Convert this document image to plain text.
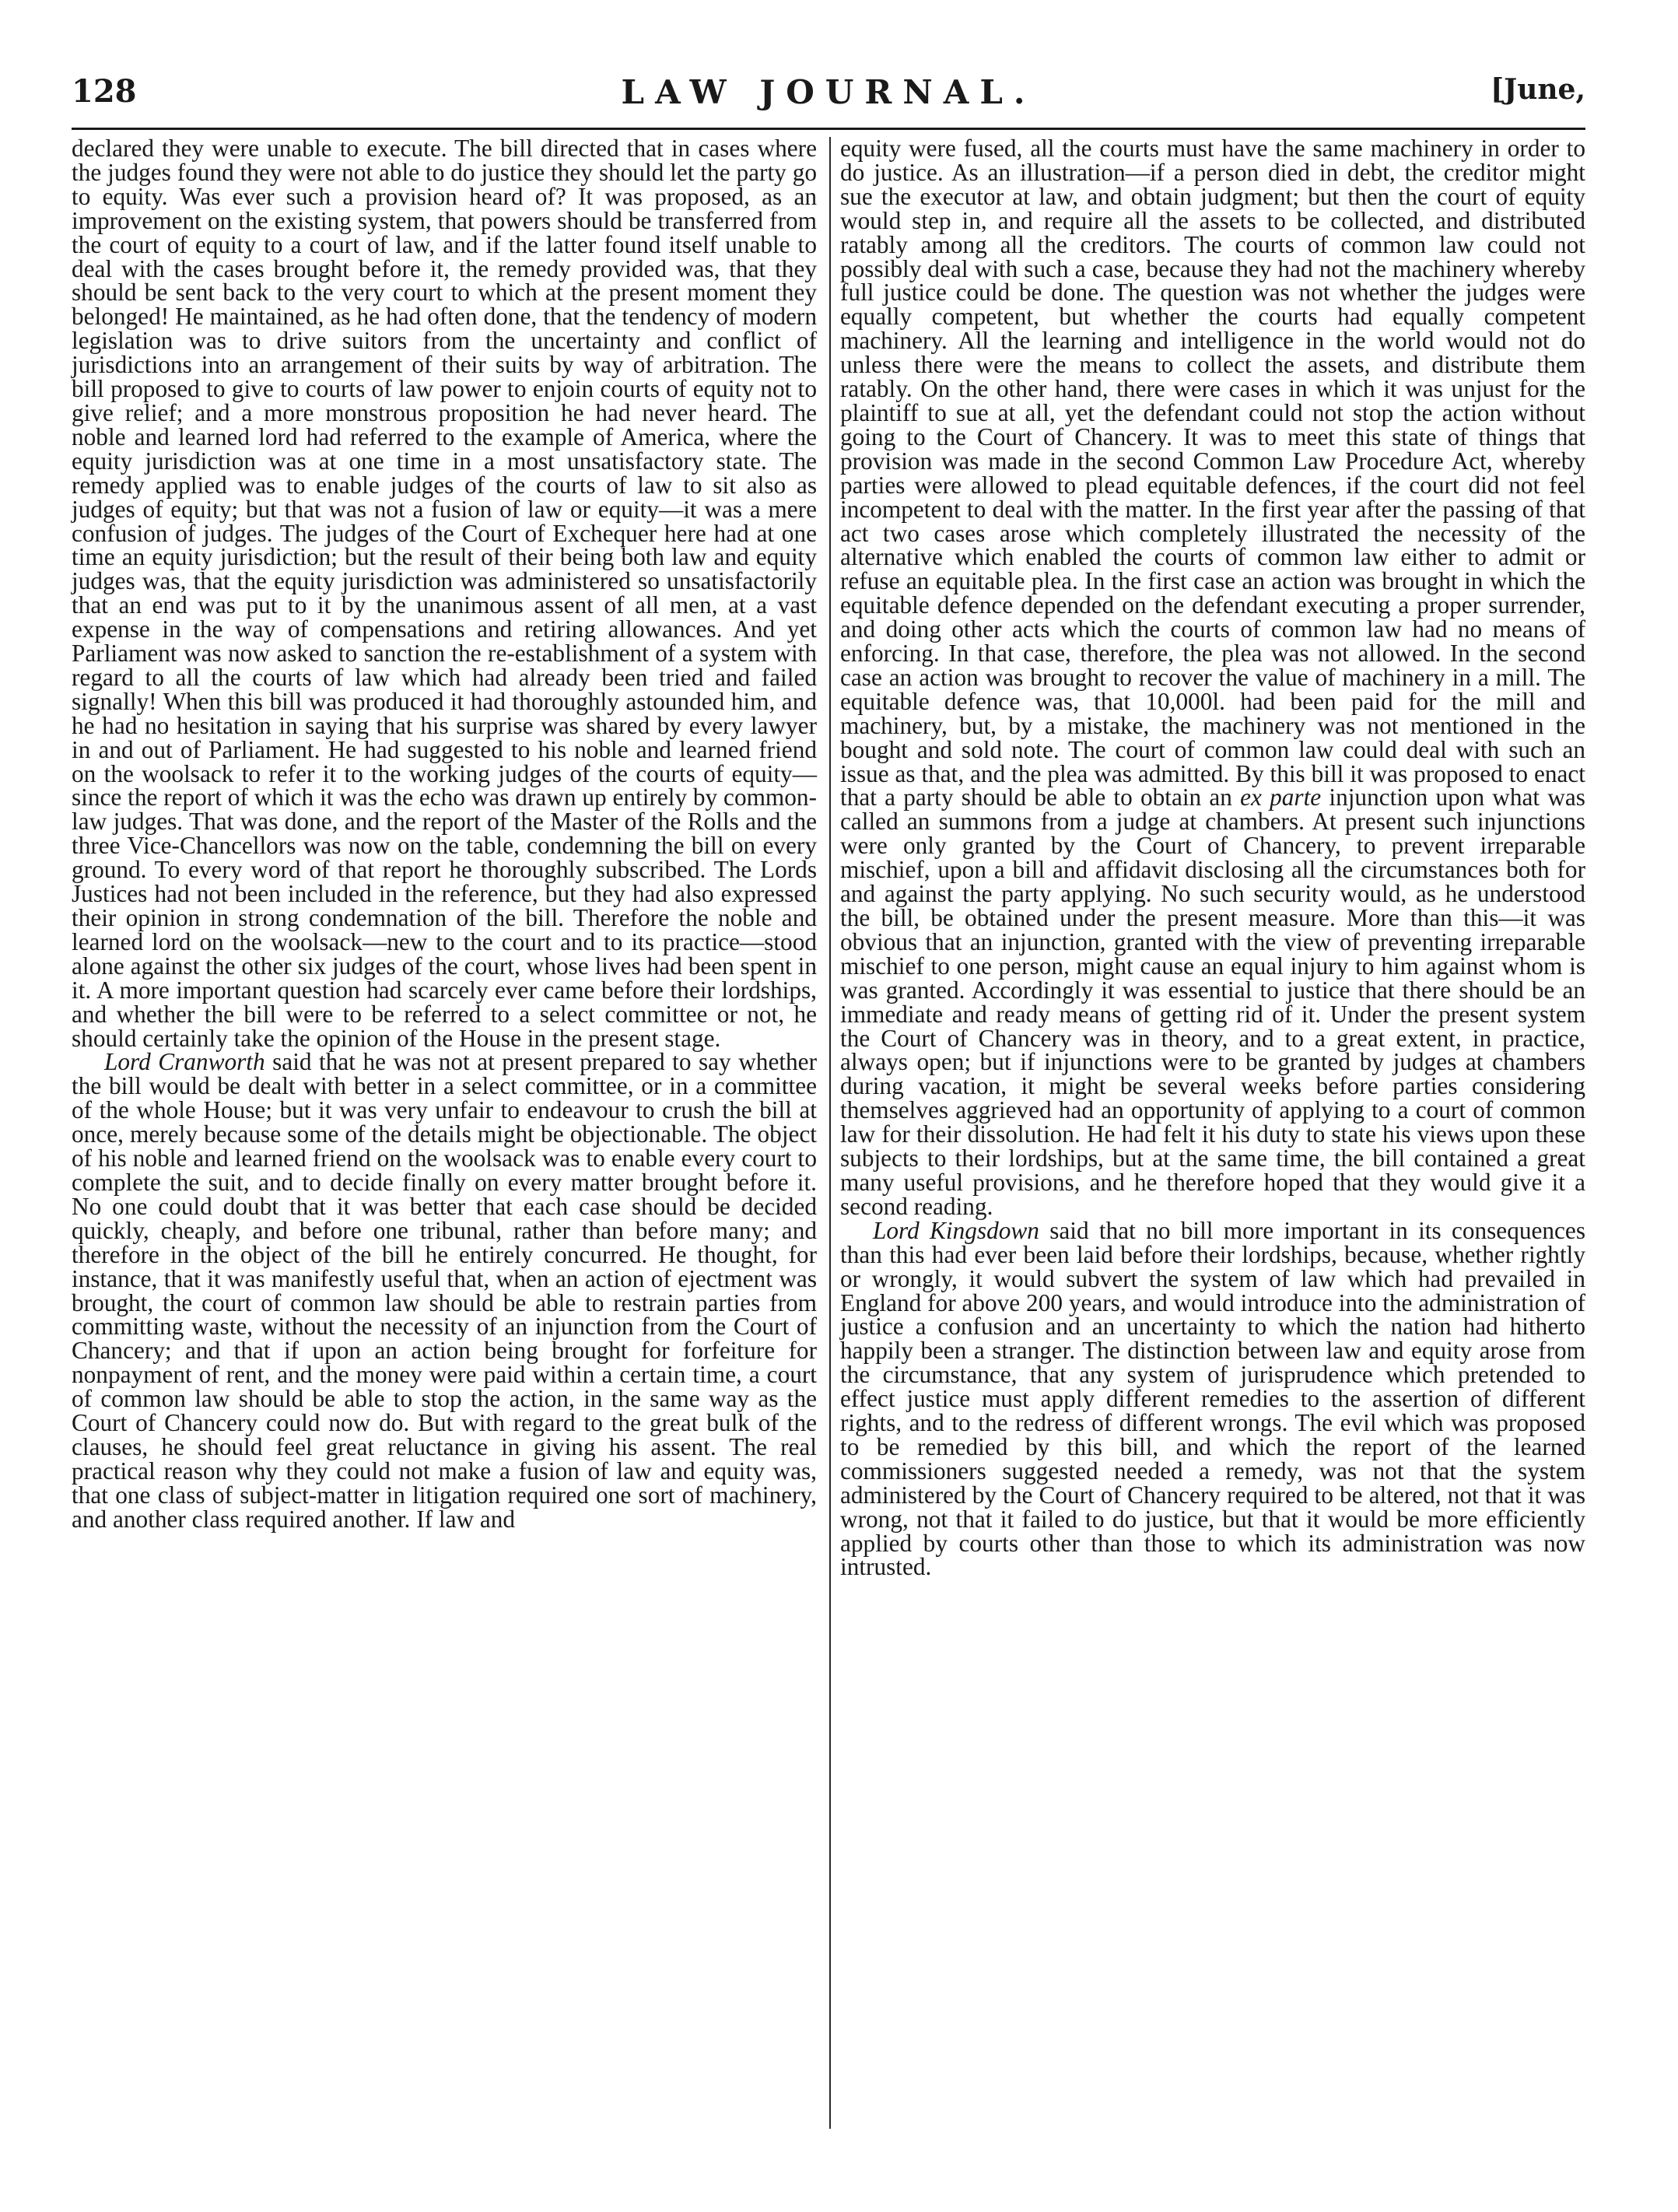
128	LAW JOURNAL.	[June,

declared they were unable to execute. The bill directed that in cases where the judges found they were not able to do justice they should let the party go to equity. Was ever such a provision heard of? It was proposed, as an improvement on the existing system, that powers should be transferred from the court of equity to a court of law, and if the latter found itself unable to deal with the cases brought before it, the remedy provided was, that they should be sent back to the very court to which at the present moment they belonged! He maintained, as he had often done, that the tendency of modern legislation was to drive suitors from the uncertainty and conflict of jurisdictions into an arrangement of their suits by way of arbitration. The bill proposed to give to courts of law power to enjoin courts of equity not to give relief; and a more monstrous proposition he had never heard. The noble and learned lord had referred to the example of America, where the equity jurisdiction was at one time in a most unsatisfactory state. The remedy applied was to enable judges of the courts of law to sit also as judges of equity; but that was not a fusion of law or equity—it was a mere confusion of judges. The judges of the Court of Exchequer here had at one time an equity jurisdiction; but the result of their being both law and equity judges was, that the equity jurisdiction was administered so unsatisfactorily that an end was put to it by the unanimous assent of all men, at a vast expense in the way of compensations and retiring allowances. And yet Parliament was now asked to sanction the re-establishment of a system with regard to all the courts of law which had already been tried and failed signally! When this bill was produced it had thoroughly astounded him, and he had no hesitation in saying that his surprise was shared by every lawyer in and out of Parliament. He had suggested to his noble and learned friend on the woolsack to refer it to the working judges of the courts of equity—since the report of which it was the echo was drawn up entirely by common-law judges. That was done, and the report of the Master of the Rolls and the three Vice-Chancellors was now on the table, condemning the bill on every ground. To every word of that report he thoroughly subscribed. The Lords Justices had not been included in the reference, but they had also expressed their opinion in strong condemnation of the bill. Therefore the noble and learned lord on the woolsack—new to the court and to its practice—stood alone against the other six judges of the court, whose lives had been spent in it. A more important question had scarcely ever came before their lordships, and whether the bill were to be referred to a select committee or not, he should certainly take the opinion of the House in the present stage.

Lord Cranworth said that he was not at present prepared to say whether the bill would be dealt with better in a select committee, or in a committee of the whole House; but it was very unfair to endeavour to crush the bill at once, merely because some of the details might be objectionable. The object of his noble and learned friend on the woolsack was to enable every court to complete the suit, and to decide finally on every matter brought before it. No one could doubt that it was better that each case should be decided quickly, cheaply, and before one tribunal, rather than before many; and therefore in the object of the bill he entirely concurred. He thought, for instance, that it was manifestly useful that, when an action of ejectment was brought, the court of common law should be able to restrain parties from committing waste, without the necessity of an injunction from the Court of Chancery; and that if upon an action being brought for forfeiture for nonpayment of rent, and the money were paid within a certain time, a court of common law should be able to stop the action, in the same way as the Court of Chancery could now do. But with regard to the great bulk of the clauses, he should feel great reluctance in giving his assent. The real practical reason why they could not make a fusion of law and equity was, that one class of subject-matter in litigation required one sort of machinery, and another class required another. If law and

equity were fused, all the courts must have the same machinery in order to do justice. As an illustration—if a person died in debt, the creditor might sue the executor at law, and obtain judgment; but then the court of equity would step in, and require all the assets to be collected, and distributed ratably among all the creditors. The courts of common law could not possibly deal with such a case, because they had not the machinery whereby full justice could be done. The question was not whether the judges were equally competent, but whether the courts had equally competent machinery. All the learning and intelligence in the world would not do unless there were the means to collect the assets, and distribute them ratably. On the other hand, there were cases in which it was unjust for the plaintiff to sue at all, yet the defendant could not stop the action without going to the Court of Chancery. It was to meet this state of things that provision was made in the second Common Law Procedure Act, whereby parties were allowed to plead equitable defences, if the court did not feel incompetent to deal with the matter. In the first year after the passing of that act two cases arose which completely illustrated the necessity of the alternative which enabled the courts of common law either to admit or refuse an equitable plea. In the first case an action was brought in which the equitable defence depended on the defendant executing a proper surrender, and doing other acts which the courts of common law had no means of enforcing. In that case, therefore, the plea was not allowed. In the second case an action was brought to recover the value of machinery in a mill. The equitable defence was, that 10,000l. had been paid for the mill and machinery, but, by a mistake, the machinery was not mentioned in the bought and sold note. The court of common law could deal with such an issue as that, and the plea was admitted. By this bill it was proposed to enact that a party should be able to obtain an ex parte injunction upon what was called an summons from a judge at chambers. At present such injunctions were only granted by the Court of Chancery, to prevent irreparable mischief, upon a bill and affidavit disclosing all the circumstances both for and against the party applying. No such security would, as he understood the bill, be obtained under the present measure. More than this—it was obvious that an injunction, granted with the view of preventing irreparable mischief to one person, might cause an equal injury to him against whom is was granted. Accordingly it was essential to justice that there should be an immediate and ready means of getting rid of it. Under the present system the Court of Chancery was in theory, and to a great extent, in practice, always open; but if injunctions were to be granted by judges at chambers during vacation, it might be several weeks before parties considering themselves aggrieved had an opportunity of applying to a court of common law for their dissolution. He had felt it his duty to state his views upon these subjects to their lordships, but at the same time, the bill contained a great many useful provisions, and he therefore hoped that they would give it a second reading.

Lord Kingsdown said that no bill more important in its consequences than this had ever been laid before their lordships, because, whether rightly or wrongly, it would subvert the system of law which had prevailed in England for above 200 years, and would introduce into the administration of justice a confusion and an uncertainty to which the nation had hitherto happily been a stranger. The distinction between law and equity arose from the circumstance, that any system of jurisprudence which pretended to effect justice must apply different remedies to the assertion of different rights, and to the redress of different wrongs. The evil which was proposed to be remedied by this bill, and which the report of the learned commissioners suggested needed a remedy, was not that the system administered by the Court of Chancery required to be altered, not that it was wrong, not that it failed to do justice, but that it would be more efficiently applied by courts other than those to which its administration was now intrusted.
